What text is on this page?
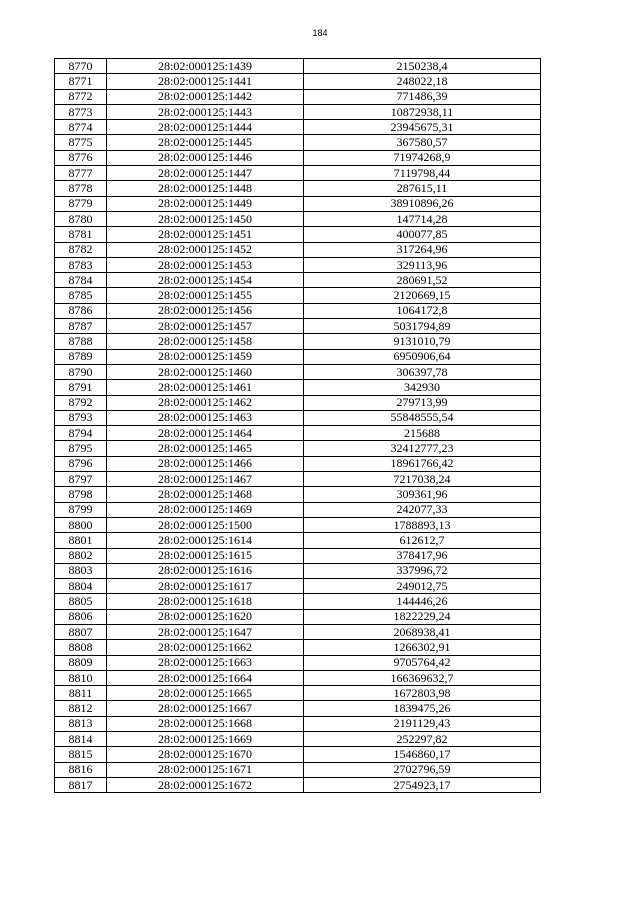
184
8770	28:02:000125:1439	2150238,4
8771	28:02:000125:1441	248022,18
8772	28:02:000125:1442	771486,39
8773	28:02:000125:1443	10872938,11
8774	28:02:000125:1444	23945675,31
8775	28:02:000125:1445	367580,57
8776	28:02:000125:1446	71974268,9
8777	28:02:000125:1447	7119798,44
8778	28:02:000125:1448	287615,11
8779	28:02:000125:1449	38910896,26
8780	28:02:000125:1450	147714,28
8781	28:02:000125:1451	400077,85
8782	28:02:000125:1452	317264,96
8783	28:02:000125:1453	329113,96
8784	28:02:000125:1454	280691,52
8785	28:02:000125:1455	2120669,15
8786	28:02:000125:1456	1064172,8
8787	28:02:000125:1457	5031794,89
8788	28:02:000125:1458	9131010,79
8789	28:02:000125:1459	6950906,64
8790	28:02:000125:1460	306397,78
8791	28:02:000125:1461	342930
8792	28:02:000125:1462	279713,99
8793	28:02:000125:1463	55848555,54
8794	28:02:000125:1464	215688
8795	28:02:000125:1465	32412777,23
8796	28:02:000125:1466	18961766,42
8797	28:02:000125:1467	7217038,24
8798	28:02:000125:1468	309361,96
8799	28:02:000125:1469	242077,33
8800	28:02:000125:1500	1788893,13
8801	28:02:000125:1614	612612,7
8802	28:02:000125:1615	378417,96
8803	28:02:000125:1616	337996,72
8804	28:02:000125:1617	249012,75
8805	28:02:000125:1618	144446,26
8806	28:02:000125:1620	1822229,24
8807	28:02:000125:1647	2068938,41
8808	28:02:000125:1662	1266302,91
8809	28:02:000125:1663	9705764,42
8810	28:02:000125:1664	166369632,7
8811	28:02:000125:1665	1672803,98
8812	28:02:000125:1667	1839475,26
8813	28:02:000125:1668	2191129,43
8814	28:02:000125:1669	252297,82
8815	28:02:000125:1670	1546860,17
8816	28:02:000125:1671	2702796,59
8817	28:02:000125:1672	2754923,17
